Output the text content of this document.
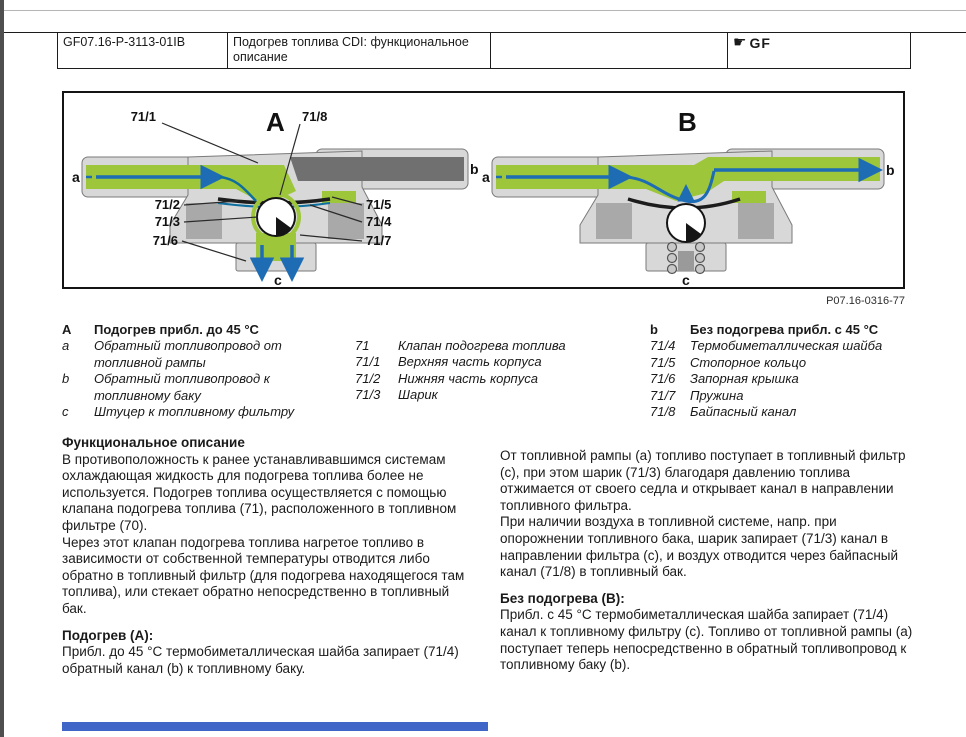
GF07.16-P-3113-01IB	Подогрев топлива CDI: функциональное описание
☛ GF
71/1	A 71/8
71/2
71/3
71/6
71/5
71/4
71/7
a	b
c
B
a	b
c
P07.16-0316-77
A	Подогрев прибл. до 45 °C
a	Обратный топливопровод от топливной рампы
b	Обратный топливопровод к топливному баку
c	Штуцер к топливному фильтру
71	Клапан подогрева топлива
71/1	Верхняя часть корпуса
71/2	Нижняя часть корпуса
71/3	Шарик
b	Без подогрева прибл. с 45 °C
71/4	Термобиметаллическая шайба
71/5	Стопорное кольцо
71/6	Запорная крышка
71/7	Пружина
71/8	Байпасный канал

Функциональное описание

В противоположность к ранее устанавливавшимся системам охлаждающая жидкость для подогрева топлива более не используется. Подогрев топлива осуществляется с помощью клапана подогрева топлива (71), расположенного в топливном фильтре (70).

Через этот клапан подогрева топлива нагретое топливо в зависимости от собственной температуры отводится либо обратно в топливный фильтр (для подогрева находящегося там топлива), или стекает обратно непосредственно в топливный бак.

Подогрев (A):

Прибл. до 45 °C термобиметаллическая шайба запирает (71/4) обратный канал (b) к топливному баку.

От топливной рампы (a) топливо поступает в топливный фильтр (c), при этом шарик (71/3) благодаря давлению топлива отжимается от своего седла и открывает канал в направлении топливного фильтра.

При наличии воздуха в топливной системе, напр. при опорожнении топливного бака, шарик запирает (71/3) канал в направлении фильтра (c), и воздух отводится через байпасный канал (71/8) в топливный бак.

Без подогрева (B):

Прибл. с 45 °C термобиметаллическая шайба запирает (71/4) канал к топливному фильтру (c). Топливо от топливной рампы (a) поступает теперь непосредственно в обратный топливопровод к топливному баку (b).
